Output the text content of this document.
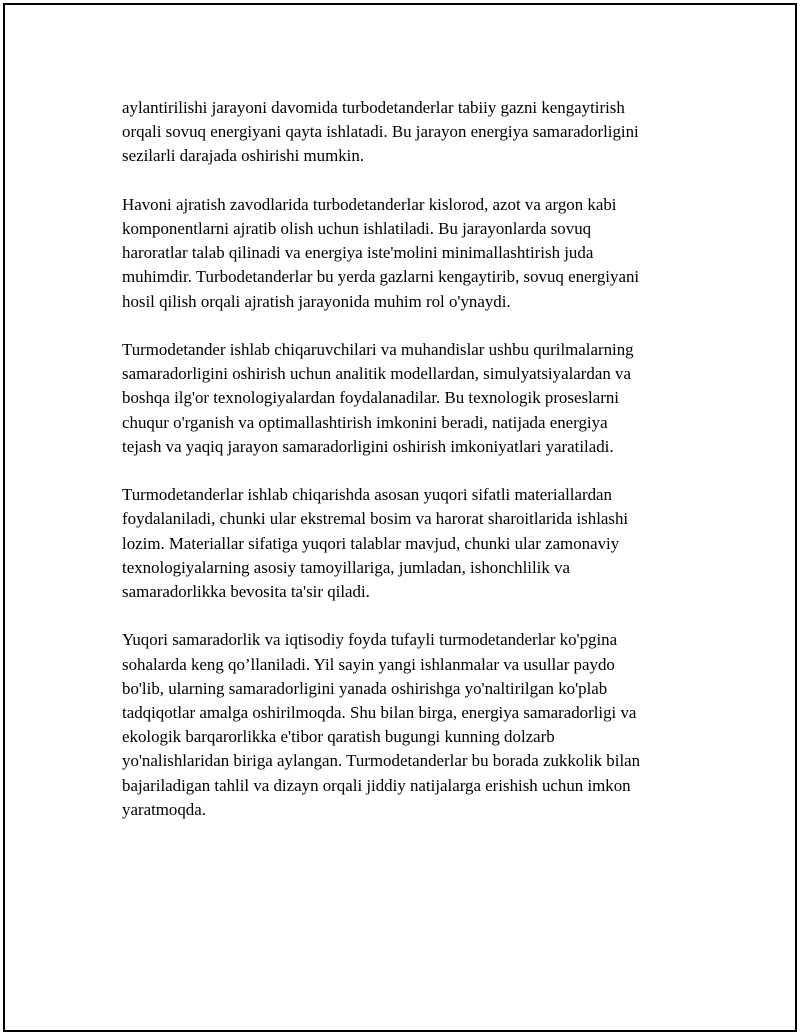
aylantirilishi jarayoni davomida turbodetanderlar tabiiy gazni kengaytirish
orqali sovuq energiyani qayta ishlatadi. Bu jarayon energiya samaradorligini
sezilarli darajada oshirishi mumkin.

Havoni ajratish zavodlarida turbodetanderlar kislorod, azot va argon kabi
komponentlarni ajratib olish uchun ishlatiladi. Bu jarayonlarda sovuq
haroratlar talab qilinadi va energiya iste'molini minimallashtirish juda
muhimdir. Turbodetanderlar bu yerda gazlarni kengaytirib, sovuq energiyani
hosil qilish orqali ajratish jarayonida muhim rol o'ynaydi.

Turmodetander ishlab chiqaruvchilari va muhandislar ushbu qurilmalarning
samaradorligini oshirish uchun analitik modellardan, simulyatsiyalardan va
boshqa ilg'or texnologiyalardan foydalanadilar. Bu texnologik proseslarni
chuqur o'rganish va optimallashtirish imkonini beradi, natijada energiya
tejash va yaqiq jarayon samaradorligini oshirish imkoniyatlari yaratiladi.

Turmodetanderlar ishlab chiqarishda asosan yuqori sifatli materiallardan
foydalaniladi, chunki ular ekstremal bosim va harorat sharoitlarida ishlashi
lozim. Materiallar sifatiga yuqori talablar mavjud, chunki ular zamonaviy
texnologiyalarning asosiy tamoyillariga, jumladan, ishonchlilik va
samaradorlikka bevosita ta'sir qiladi.

Yuqori samaradorlik va iqtisodiy foyda tufayli turmodetanderlar ko'pgina
sohalarda keng qo’llaniladi. Yil sayin yangi ishlanmalar va usullar paydo
bo'lib, ularning samaradorligini yanada oshirishga yo'naltirilgan ko'plab
tadqiqotlar amalga oshirilmoqda. Shu bilan birga, energiya samaradorligi va
ekologik barqarorlikka e'tibor qaratish bugungi kunning dolzarb
yo'nalishlaridan biriga aylangan. Turmodetanderlar bu borada zukkolik bilan
bajariladigan tahlil va dizayn orqali jiddiy natijalarga erishish uchun imkon
yaratmoqda.
